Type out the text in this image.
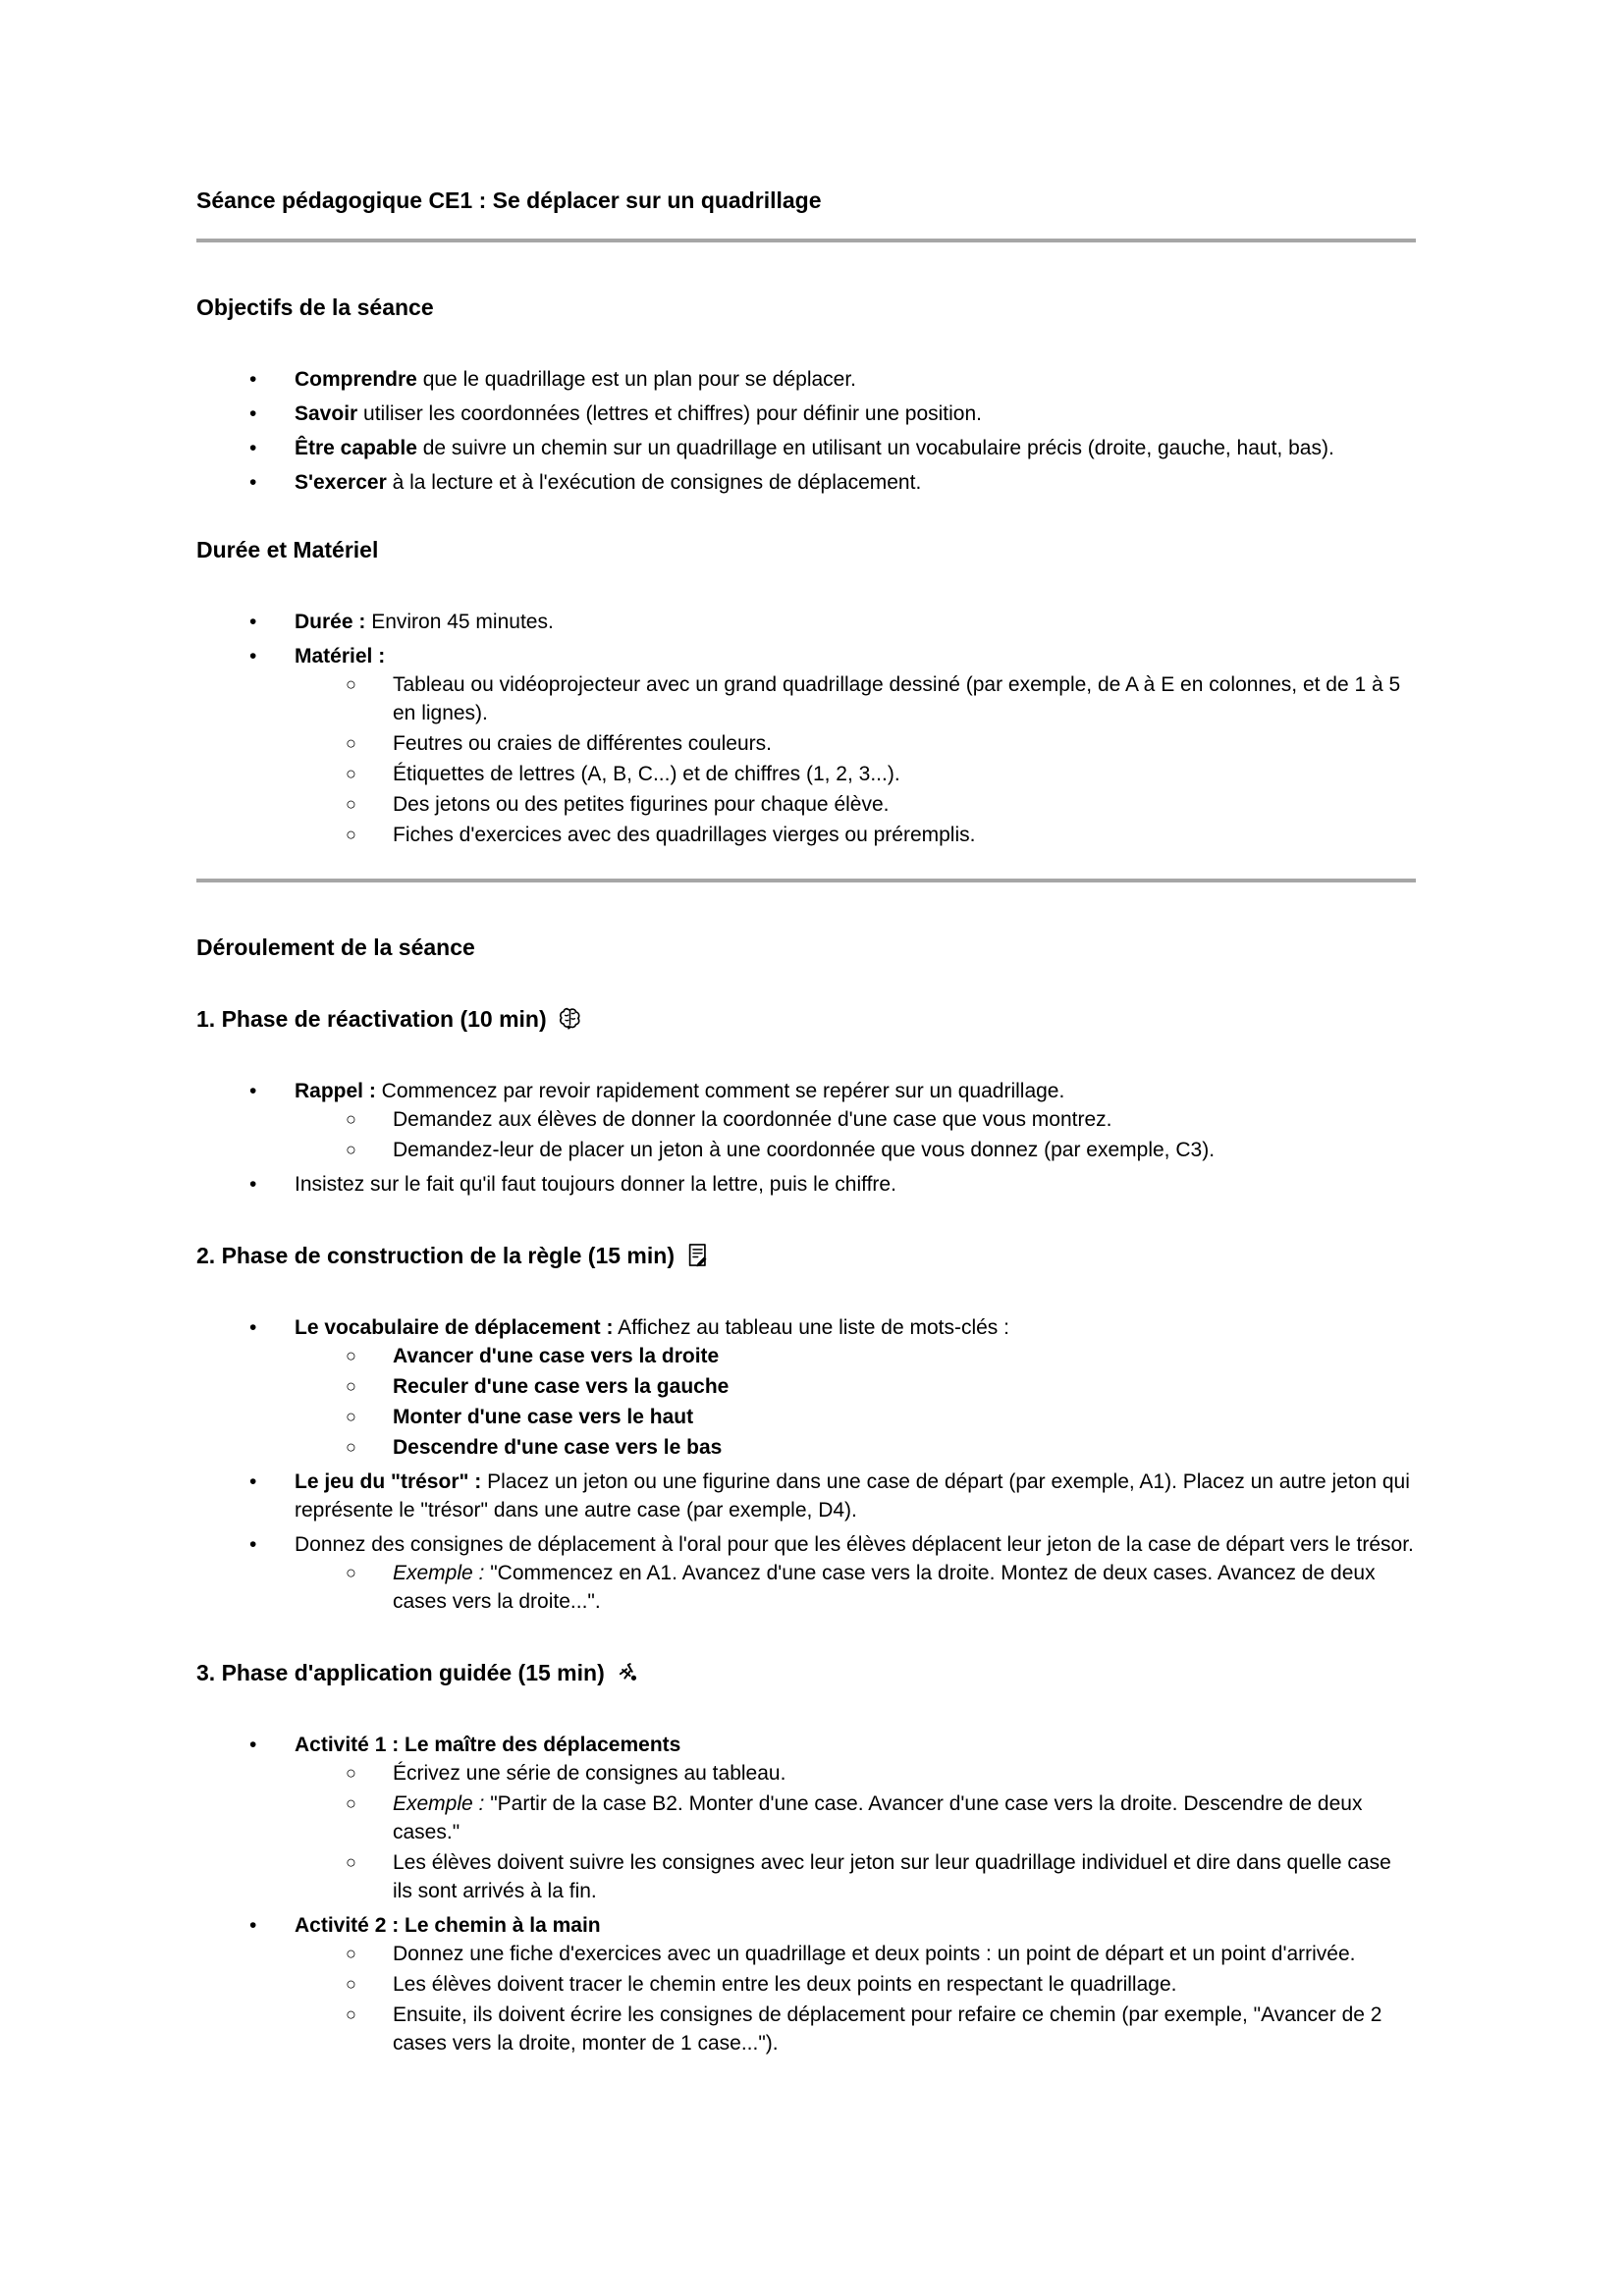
Séance pédagogique CE1 : Se déplacer sur un quadrillage
Objectifs de la séance
• Comprendre que le quadrillage est un plan pour se déplacer.
• Savoir utiliser les coordonnées (lettres et chiffres) pour définir une position.
• Être capable de suivre un chemin sur un quadrillage en utilisant un vocabulaire précis (droite, gauche, haut, bas).
• S'exercer à la lecture et à l'exécution de consignes de déplacement.
Durée et Matériel
• Durée : Environ 45 minutes.
• Matériel :
○ Tableau ou vidéoprojecteur avec un grand quadrillage dessiné (par exemple, de A à E en colonnes, et de 1 à 5 en lignes).
○ Feutres ou craies de différentes couleurs.
○ Étiquettes de lettres (A, B, C...) et de chiffres (1, 2, 3...).
○ Des jetons ou des petites figurines pour chaque élève.
○ Fiches d'exercices avec des quadrillages vierges ou préremplis.
Déroulement de la séance
1. Phase de réactivation (10 min)
• Rappel : Commencez par revoir rapidement comment se repérer sur un quadrillage.
○ Demandez aux élèves de donner la coordonnée d'une case que vous montrez.
○ Demandez-leur de placer un jeton à une coordonnée que vous donnez (par exemple, C3).
• Insistez sur le fait qu'il faut toujours donner la lettre, puis le chiffre.
2. Phase de construction de la règle (15 min)
• Le vocabulaire de déplacement : Affichez au tableau une liste de mots-clés :
○ Avancer d'une case vers la droite
○ Reculer d'une case vers la gauche
○ Monter d'une case vers le haut
○ Descendre d'une case vers le bas
• Le jeu du "trésor" : Placez un jeton ou une figurine dans une case de départ (par exemple, A1). Placez un autre jeton qui représente le "trésor" dans une autre case (par exemple, D4).
• Donnez des consignes de déplacement à l'oral pour que les élèves déplacent leur jeton de la case de départ vers le trésor.
○ Exemple : "Commencez en A1. Avancez d'une case vers la droite. Montez de deux cases. Avancez de deux cases vers la droite...".
3. Phase d'application guidée (15 min)
• Activité 1 : Le maître des déplacements
○ Écrivez une série de consignes au tableau.
○ Exemple : "Partir de la case B2. Monter d'une case. Avancer d'une case vers la droite. Descendre de deux cases."
○ Les élèves doivent suivre les consignes avec leur jeton sur leur quadrillage individuel et dire dans quelle case ils sont arrivés à la fin.
• Activité 2 : Le chemin à la main
○ Donnez une fiche d'exercices avec un quadrillage et deux points : un point de départ et un point d'arrivée.
○ Les élèves doivent tracer le chemin entre les deux points en respectant le quadrillage.
○ Ensuite, ils doivent écrire les consignes de déplacement pour refaire ce chemin (par exemple, "Avancer de 2 cases vers la droite, monter de 1 case...").
